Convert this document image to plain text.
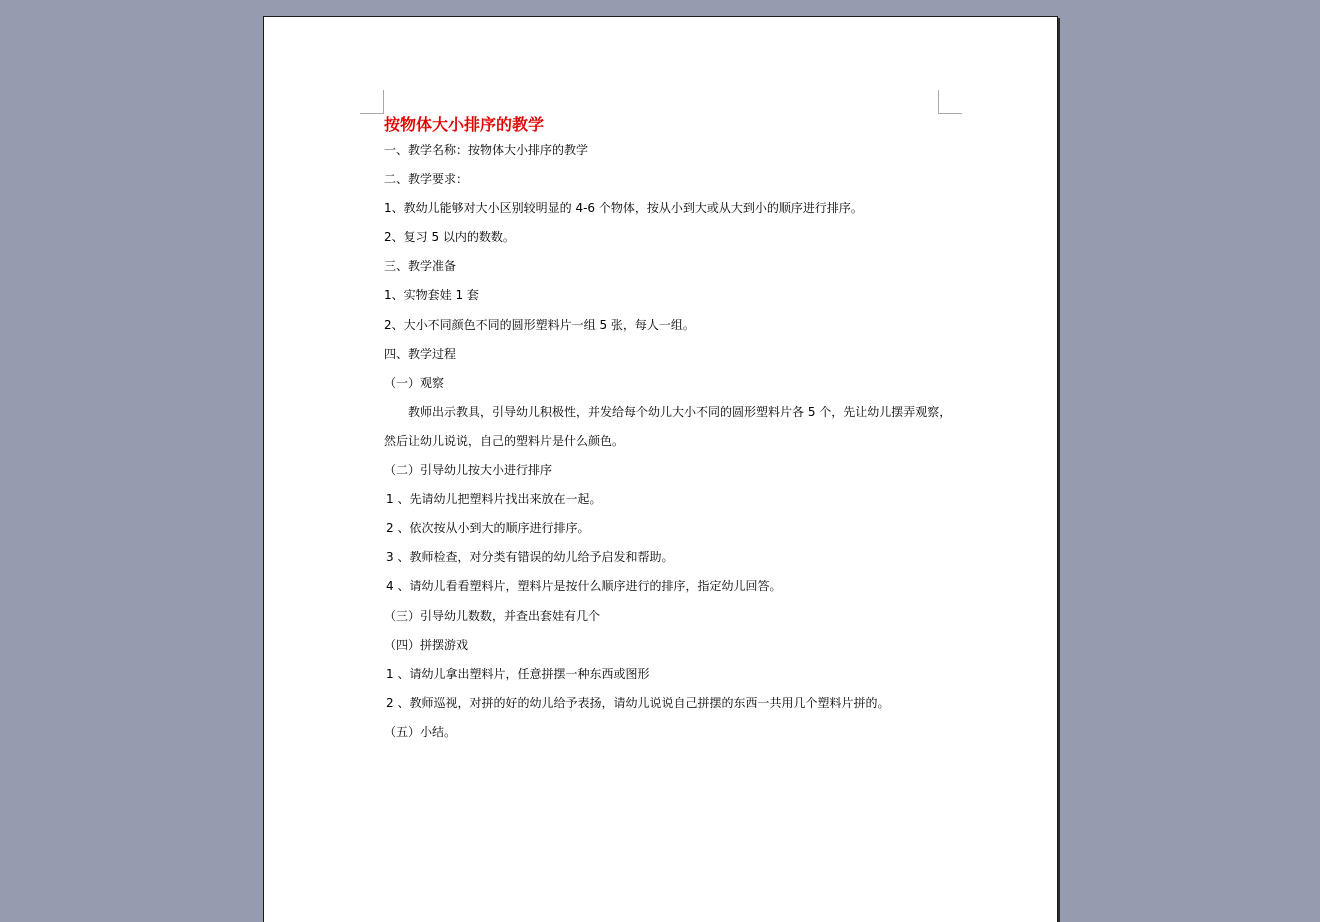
按物体大小排序的教学

一、教学名称：按物体大小排序的教学

二、教学要求：

1、教幼儿能够对大小区别较明显的 4-6 个物体，按从小到大或从大到小的顺序进行排序。

2、复习 5 以内的数数。

三、教学准备

1、实物套娃 1 套

2、大小不同颜色不同的圆形塑料片一组 5 张，每人一组。

四、教学过程

（一）观察

教师出示教具，引导幼儿积极性，并发给每个幼儿大小不同的圆形塑料片各 5 个，先让幼儿摆弄观察，

然后让幼儿说说，自己的塑料片是什么颜色。

（二）引导幼儿按大小进行排序

1 、先请幼儿把塑料片找出来放在一起。

2 、依次按从小到大的顺序进行排序。

3 、教师检查，对分类有错误的幼儿给予启发和帮助。

4 、请幼儿看看塑料片，塑料片是按什么顺序进行的排序，指定幼儿回答。

（三）引导幼儿数数，并查出套娃有几个

（四）拼摆游戏

1 、请幼儿拿出塑料片，任意拼摆一种东西或图形

2 、教师巡视，对拼的好的幼儿给予表扬，请幼儿说说自己拼摆的东西一共用几个塑料片拼的。

（五）小结。
